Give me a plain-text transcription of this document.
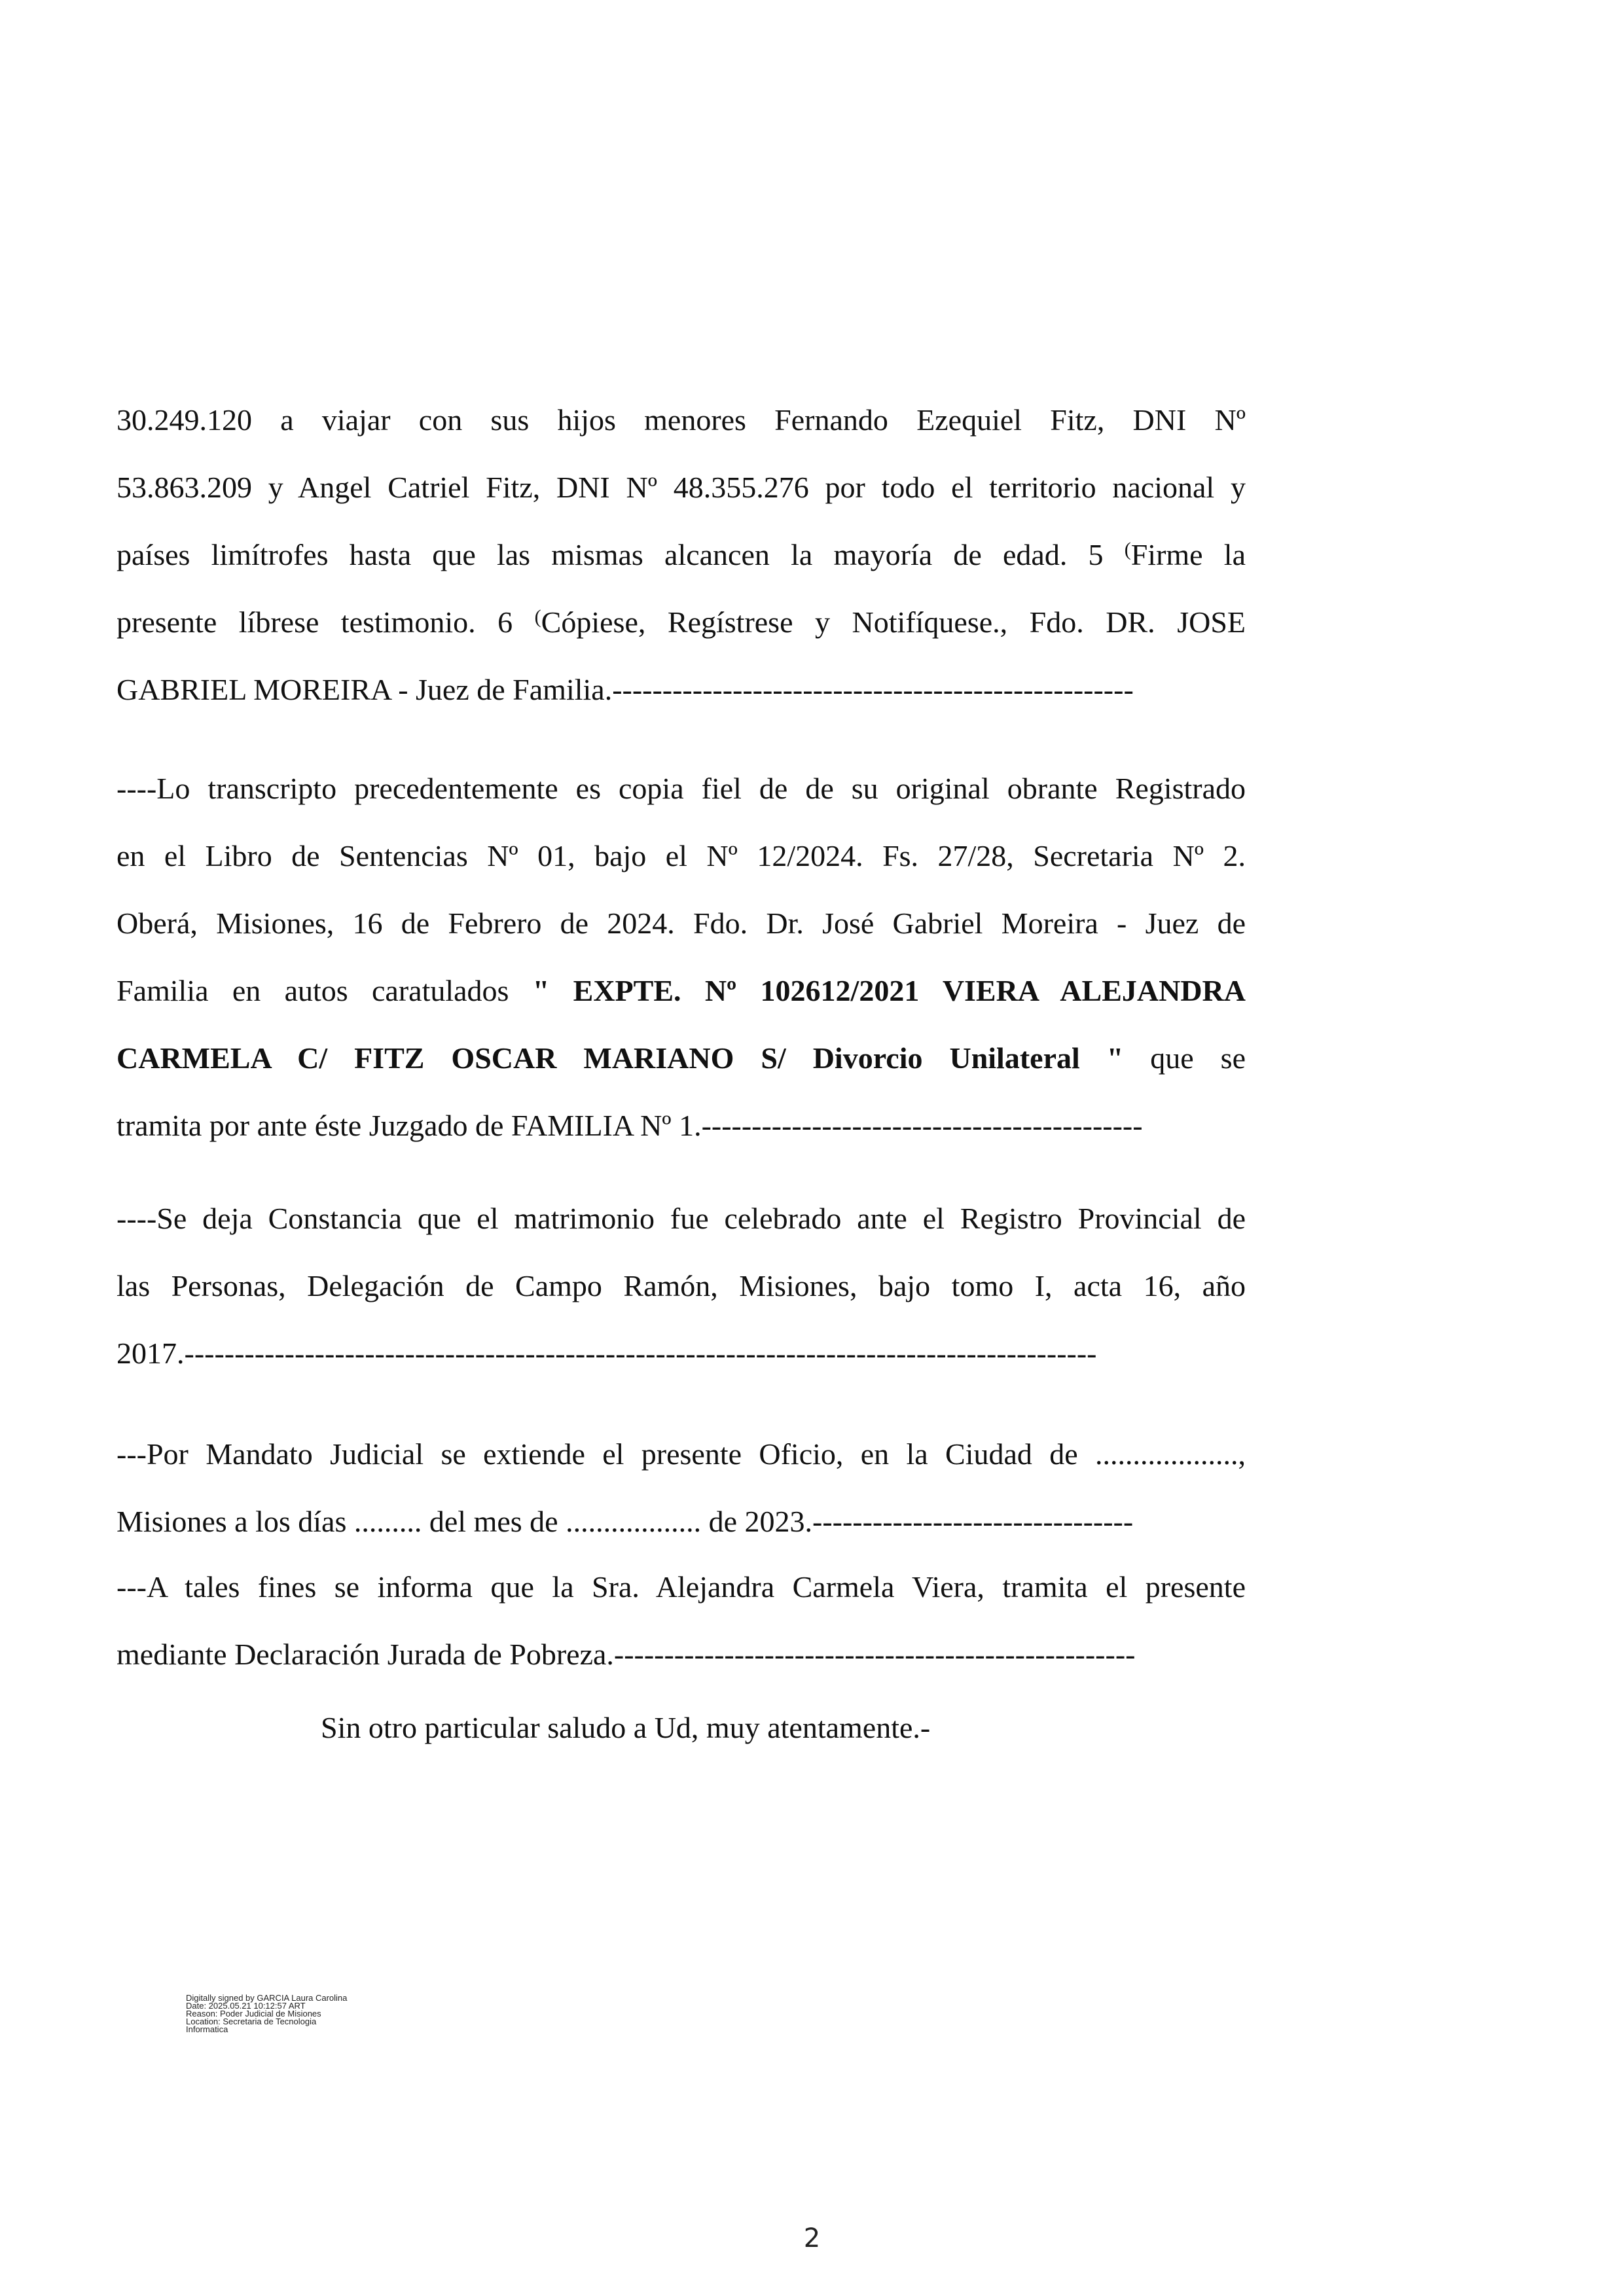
30.249.120 a viajar con sus hijos menores Fernando Ezequiel Fitz, DNI Nº
53.863.209 y Angel Catriel Fitz, DNI Nº 48.355.276 por todo el territorio nacional y
países limítrofes hasta que las mismas alcancen la mayoría de edad. 5 (Firme la
presente líbrese testimonio. 6 (Cópiese, Regístrese y Notifíquese., Fdo. DR. JOSE
GABRIEL MOREIRA - Juez de Familia.----------------------------------------------------
----Lo transcripto precedentemente es copia fiel de de su original obrante Registrado
en el Libro de Sentencias Nº 01, bajo el Nº 12/2024. Fs. 27/28, Secretaria Nº 2.
Oberá, Misiones, 16 de Febrero de 2024. Fdo. Dr. José Gabriel Moreira - Juez de
Familia en autos caratulados " EXPTE. Nº 102612/2021 VIERA ALEJANDRA
CARMELA C/ FITZ OSCAR MARIANO S/ Divorcio Unilateral " que se
tramita por ante éste Juzgado de FAMILIA Nº 1.--------------------------------------------
----Se deja Constancia que el matrimonio fue celebrado ante el Registro Provincial de
las Personas, Delegación de Campo Ramón, Misiones, bajo tomo I, acta 16, año
2017.-------------------------------------------------------------------------------------------
---Por Mandato Judicial se extiende el presente Oficio, en la Ciudad de ...................,
Misiones a los días ......... del mes de .................. de 2023.--------------------------------
---A tales fines se informa que la Sra. Alejandra Carmela Viera, tramita el presente
mediante Declaración Jurada de Pobreza.----------------------------------------------------
Sin otro particular saludo a Ud, muy atentamente.-
Digitally signed by GARCIA Laura Carolina
Date: 2025.05.21 10:12:57 ART
Reason: Poder Judicial de Misiones
Location: Secretaria de Tecnologia
Informatica
2
